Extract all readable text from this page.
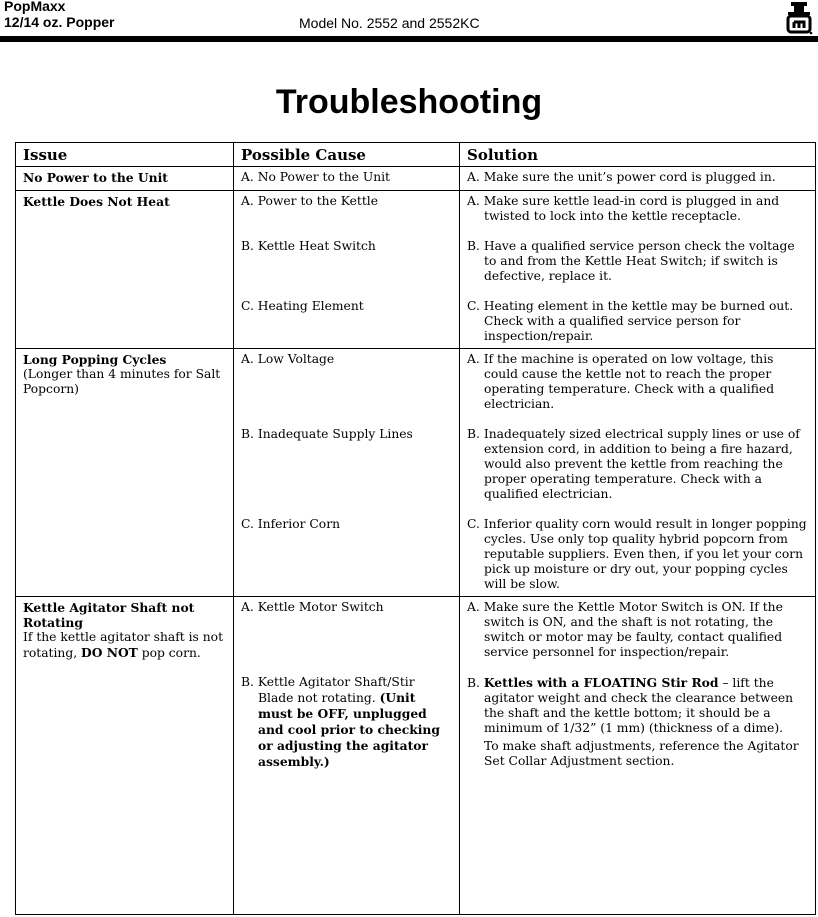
PopMaxx
12/14 oz. Popper	Model No. 2552 and 2552KC
Troubleshooting
Issue	Possible Cause	Solution
No Power to the Unit	A. No Power to the Unit	A. Make sure the unit’s power cord is plugged in.

Kettle Does Not Heat	A. Power to the Kettle	A. Make sure kettle lead-in cord is plugged in and twisted to lock into the kettle receptacle.

	B. Kettle Heat Switch	B. Have a qualified service person check the voltage to and from the Kettle Heat Switch; if switch is defective, replace it.

	C. Heating Element	C. Heating element in the kettle may be burned out. Check with a qualified service person for inspection/repair.

Long Popping Cycles
(Longer than 4 minutes for Salt Popcorn)	A. Low Voltage	A. If the machine is operated on low voltage, this could cause the kettle not to reach the proper operating temperature. Check with a qualified electrician.

	B. Inadequate Supply Lines	B. Inadequately sized electrical supply lines or use of extension cord, in addition to being a fire hazard, would also prevent the kettle from reaching the proper operating temperature. Check with a qualified electrician.

	C. Inferior Corn	C. Inferior quality corn would result in longer popping cycles. Use only top quality hybrid popcorn from reputable suppliers. Even then, if you let your corn pick up moisture or dry out, your popping cycles will be slow.

Kettle Agitator Shaft not Rotating
If the kettle agitator shaft is not rotating, DO NOT pop corn.	A. Kettle Motor Switch	A. Make sure the Kettle Motor Switch is ON. If the switch is ON, and the shaft is not rotating, the switch or motor may be faulty, contact qualified service personnel for inspection/repair.

	B. Kettle Agitator Shaft/Stir Blade not rotating. (Unit must be OFF, unplugged and cool prior to checking or adjusting the agitator assembly.)	B. Kettles with a FLOATING Stir Rod – lift the agitator weight and check the clearance between the shaft and the kettle bottom; it should be a minimum of 1/32” (1 mm) (thickness of a dime).
To make shaft adjustments, reference the Agitator Set Collar Adjustment section.
